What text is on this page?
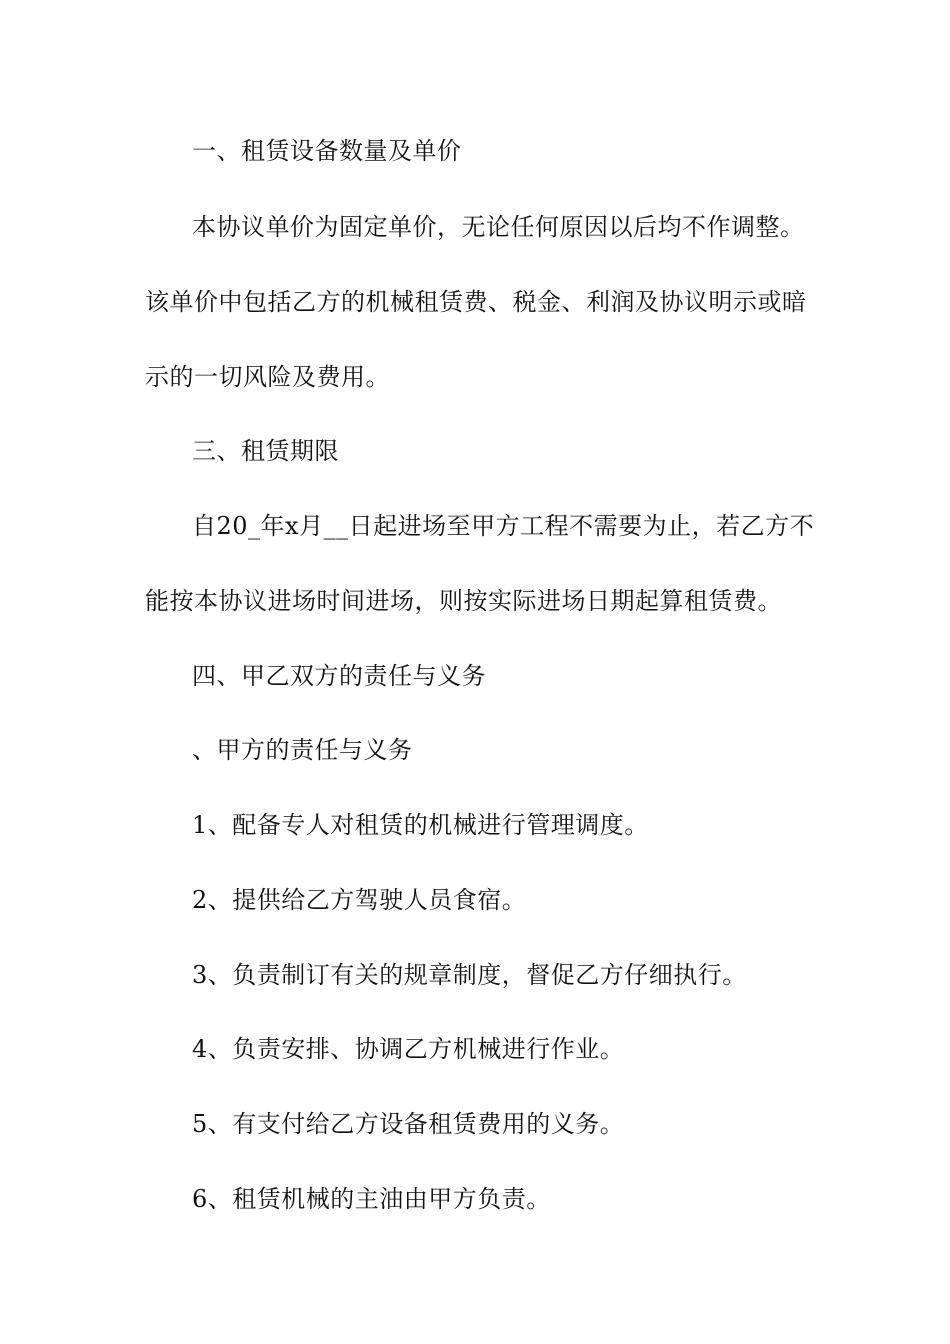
一、租赁设备数量及单价
本协议单价为固定单价，无论任何原因以后均不作调整。
该单价中包括乙方的机械租赁费、税金、利润及协议明示或暗
示的一切风险及费用。
三、租赁期限
自20_年x月__日起进场至甲方工程不需要为止，若乙方不
能按本协议进场时间进场，则按实际进场日期起算租赁费。
四、甲乙双方的责任与义务
、甲方的责任与义务
1、配备专人对租赁的机械进行管理调度。
2、提供给乙方驾驶人员食宿。
3、负责制订有关的规章制度，督促乙方仔细执行。
4、负责安排、协调乙方机械进行作业。
5、有支付给乙方设备租赁费用的义务。
6、租赁机械的主油由甲方负责。
